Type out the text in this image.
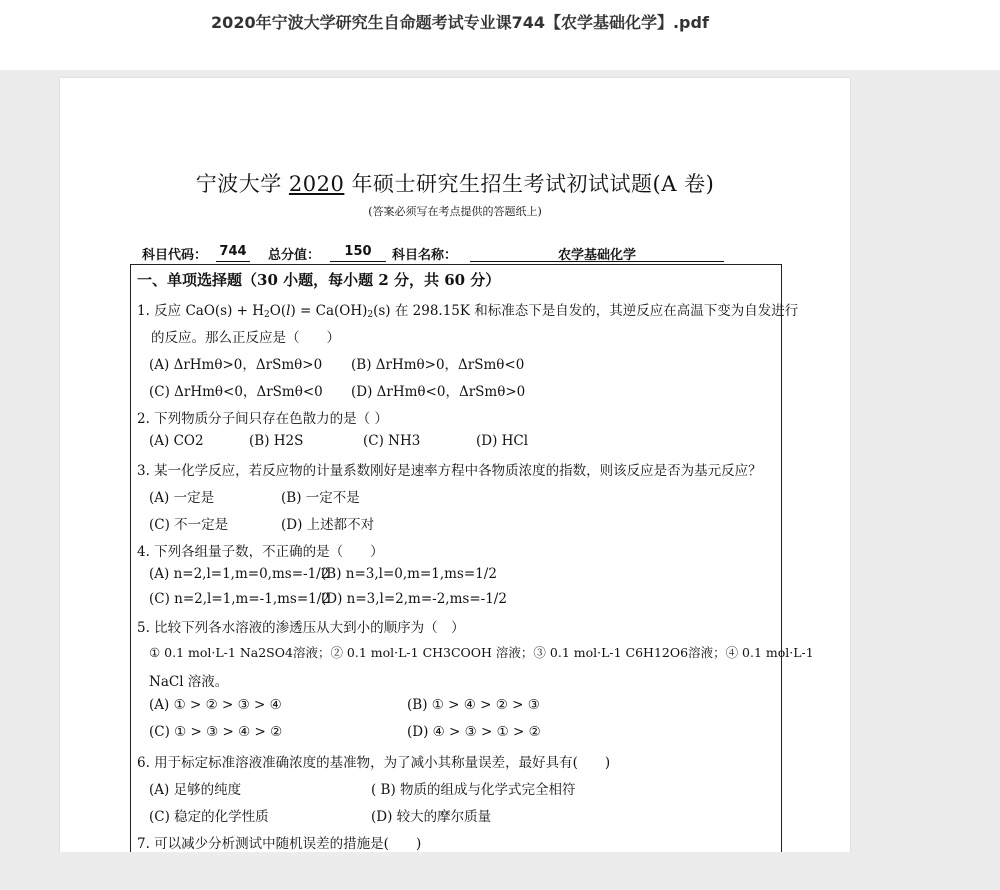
2020年宁波大学研究生自命题考试专业课744【农学基础化学】.pdf
宁波大学 2020 年硕士研究生招生考试初试试题(A 卷)
(答案必须写在考点提供的答题纸上)
科目代码： 744 总分值：	150	科目名称：	农学基础化学
一、单项选择题（30 小题，每小题 2 分，共 60 分）
1. 反应 $CaO(s) + H_2O(l) = Ca(OH)_2(s)$ 在 298.15K 和标准态下是自发的，其逆反应在高温下变为自发进行
的反应。那么正反应是（　　）
(A) ΔrHmθ>0，ΔrSmθ>0 (B) ΔrHmθ>0，ΔrSmθ<0
(C) ΔrHmθ<0，ΔrSmθ<0 (D) ΔrHmθ<0，ΔrSmθ>0
2. 下列物质分子间只存在色散力的是（ ）
(A) CO2	(B) H2S	(C) NH3	(D) HCl
3. 某一化学反应，若反应物的计量系数刚好是速率方程中各物质浓度的指数，则该反应是否为基元反应？
(A) 一定是	(B) 一定不是
(C) 不一定是	(D) 上述都不对
4. 下列各组量子数，不正确的是（　　）
(A) n=2,l=1,m=0,ms=-1/2
(B) n=3,l=0,m=1,ms=1/2
(C) n=2,l=1,m=-1,ms=1/2
(D) n=3,l=2,m=-2,ms=-1/2
5. 比较下列各水溶液的渗透压从大到小的顺序为（　）
① 0.1 mol·L-1 Na2SO4溶液；② 0.1 mol·L-1 CH3COOH 溶液；③ 0.1 mol·L-1 C6H12O6溶液；④ 0.1 mol·L-1
NaCl 溶液。
(A) ① > ② > ③ > ④	(B) ① > ④ > ② > ③
(C) ① > ③ > ④ > ②	(D) ④ > ③ > ① > ②
6. 用于标定标准溶液准确浓度的基准物，为了减小其称量误差，最好具有(　　)
(A) 足够的纯度	( B) 物质的组成与化学式完全相符
(C) 稳定的化学性质	(D) 较大的摩尔质量
7. 可以减少分析测试中随机误差的措施是(　　)
